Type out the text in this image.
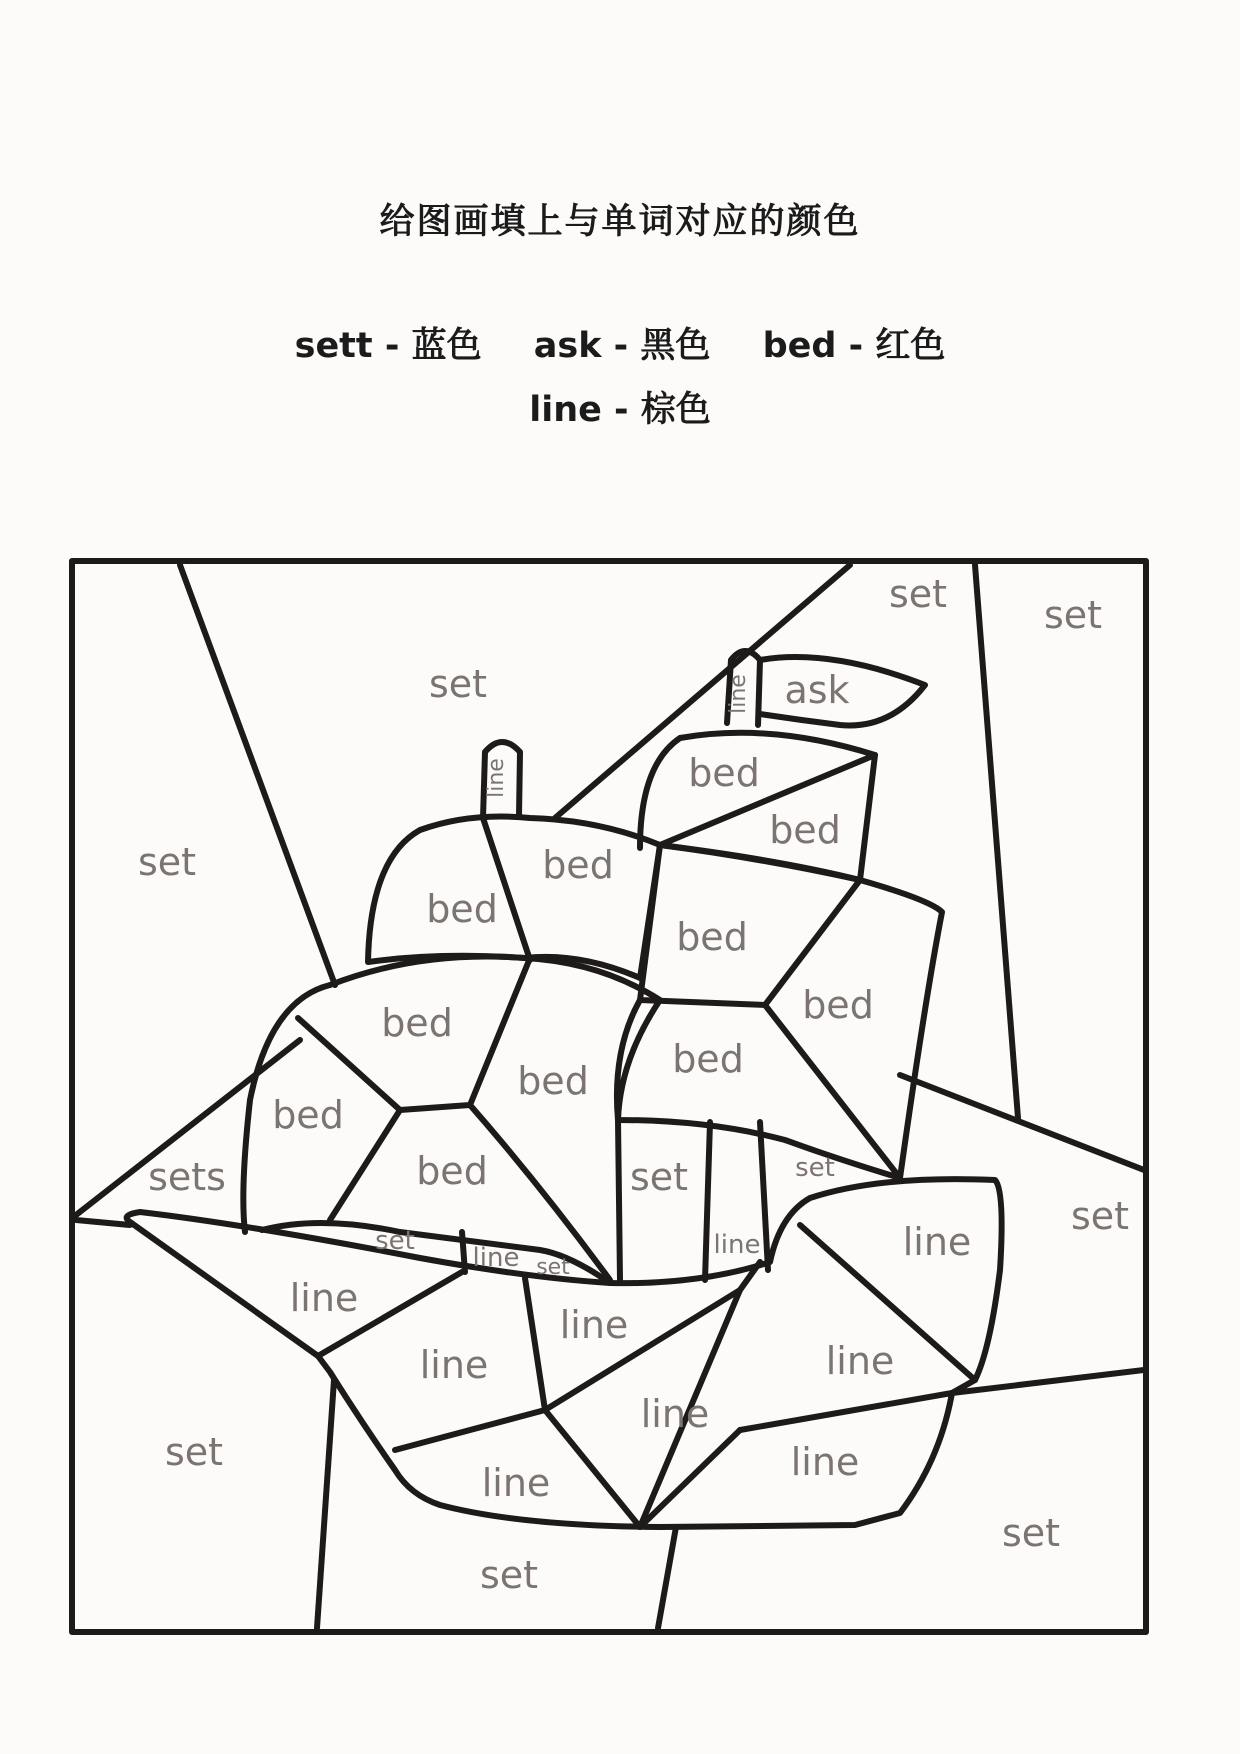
给图画填上与单词对应的颜色
sett - 蓝色 ask - 黑色 bed - 红色
line - 棕色
set	set
set	ask
line
line
set
bed
bed
bed
bed
bed
bed
bed
bed
bed
bed
bed
sets	set	set
set
set
line set
line	line
line
line
line	line
line
line
line
set
set
set
